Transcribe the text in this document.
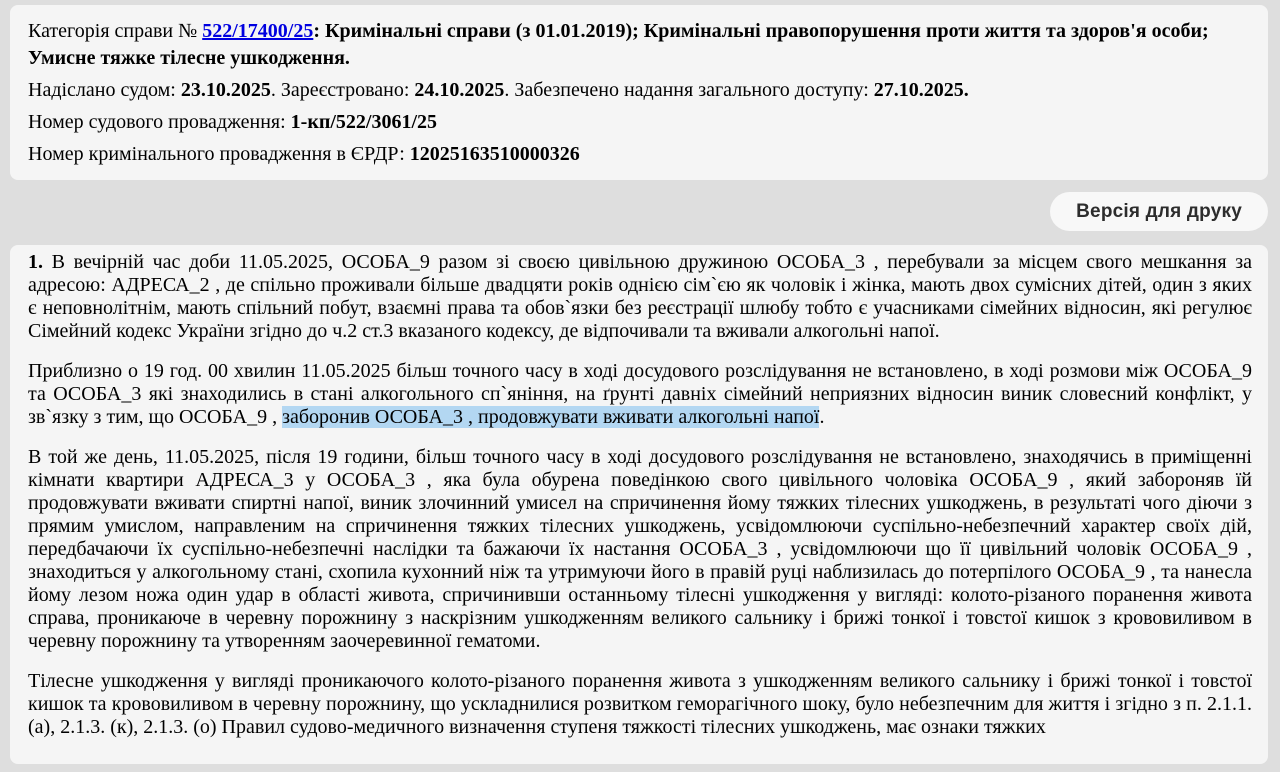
Категорія справи № 522/17400/25: Кримінальні справи (з 01.01.2019); Кримінальні правопорушення проти життя та здоров'я особи; Умисне тяжке тілесне ушкодження.

Надіслано судом: 23.10.2025. Зареєстровано: 24.10.2025. Забезпечено надання загального доступу: 27.10.2025.

Номер судового провадження: 1-кп/522/3061/25

Номер кримінального провадження в ЄРДР: 12025163510000326

Версія для друку

1. В вечірній час доби 11.05.2025, ОСОБА_9 разом зі своєю цивільною дружиною ОСОБА_3 , перебували за місцем свого мешкання за адресою: АДРЕСА_2 , де спільно проживали більше двадцяти років однією сім`єю як чоловік і жінка, мають двох сумісних дітей, один з яких є неповнолітнім, мають спільний побут, взаємні права та обов`язки без реєстрації шлюбу тобто є учасниками сімейних відносин, які регулює Сімейний кодекс України згідно до ч.2 ст.3 вказаного кодексу, де відпочивали та вживали алкогольні напої.

Приблизно о 19 год. 00 хвилин 11.05.2025 більш точного часу в ході досудового розслідування не встановлено, в ході розмови між ОСОБА_9 та ОСОБА_3 які знаходились в стані алкогольного сп`яніння, на ґрунті давніх сімейний неприязних відносин виник словесний конфлікт, у зв`язку з тим, що ОСОБА_9 , заборонив ОСОБА_3 , продовжувати вживати алкогольні напої.

В той же день, 11.05.2025, після 19 години, більш точного часу в ході досудового розслідування не встановлено, знаходячись в приміщенні кімнати квартири АДРЕСА_3 у ОСОБА_3 , яка була обурена поведінкою свого цивільного чоловіка ОСОБА_9 , який забороняв їй продовжувати вживати спиртні напої, виник злочинний умисел на спричинення йому тяжких тілесних ушкоджень, в результаті чого діючи з прямим умислом, направленим на спричинення тяжких тілесних ушкоджень, усвідомлюючи суспільно-небезпечний характер своїх дій, передбачаючи їх суспільно-небезпечні наслідки та бажаючи їх настання ОСОБА_3 , усвідомлюючи що її цивільний чоловік ОСОБА_9 , знаходиться у алкогольному стані, схопила кухонний ніж та утримуючи його в правій руці наблизилась до потерпілого ОСОБА_9 , та нанесла йому лезом ножа один удар в області живота, спричинивши останньому тілесні ушкодження у вигляді: колото-різаного поранення живота справа, проникаюче в черевну порожнину з наскрізним ушкодженням великого сальнику і брижі тонкої і товстої кишок з крововиливом в черевну порожнину та утворенням заочеревинної гематоми.

Тілесне ушкодження у вигляді проникаючого колото-різаного поранення живота з ушкодженням великого сальнику і брижі тонкої і товстої кишок та крововиливом в черевну порожнину, що ускладнилися розвитком геморагічного шоку, було небезпечним для життя і згідно з п. 2.1.1. (а), 2.1.3. (к), 2.1.3. (о) Правил судово-медичного визначення ступеня тяжкості тілесних ушкоджень, має ознаки тяжких
